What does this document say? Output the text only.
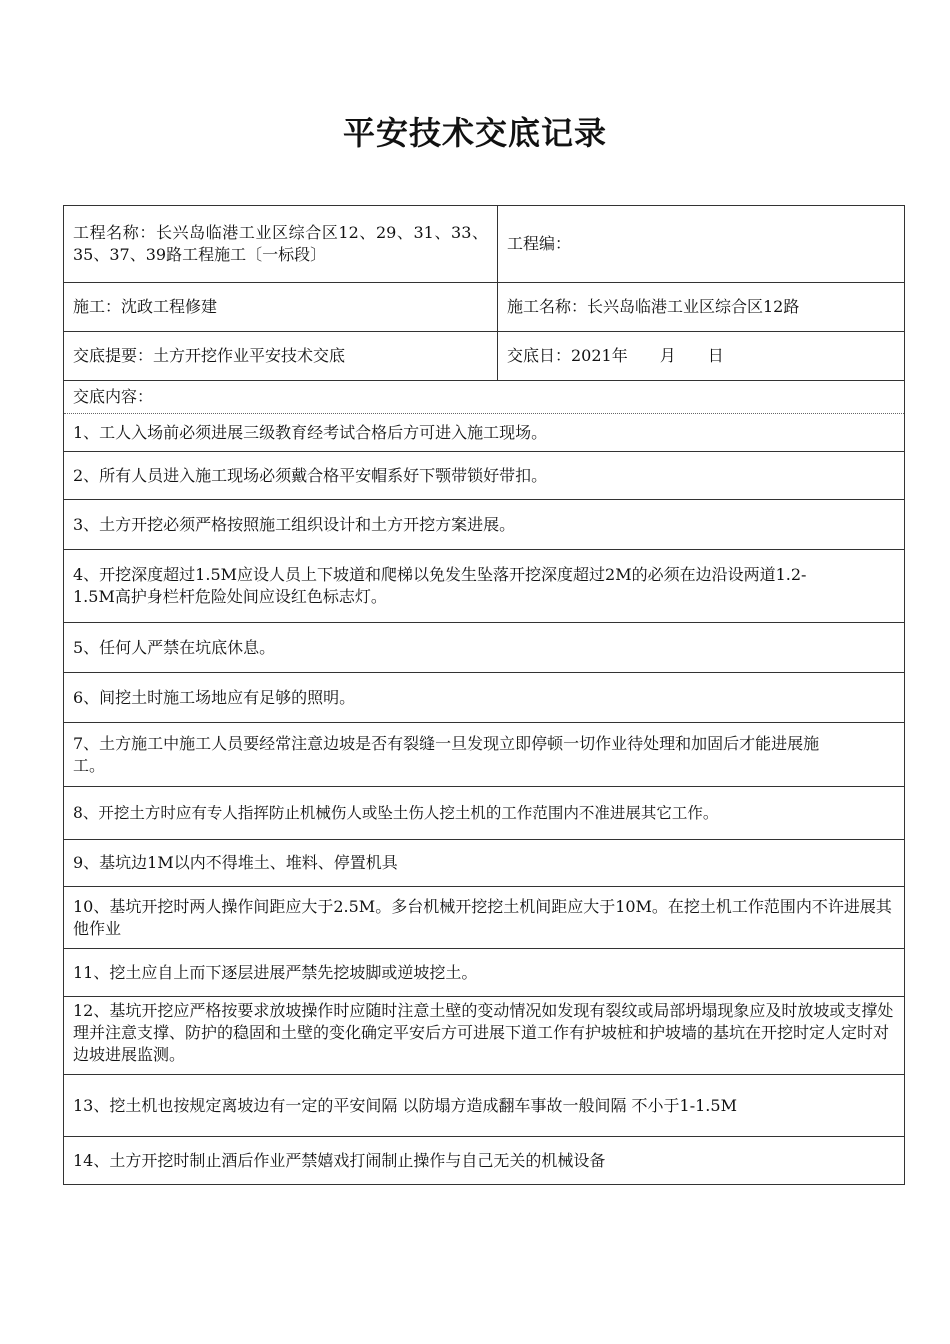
平安技术交底记录
工程名称：长兴岛临港工业区综合区12、29、31、33、35、37、39路工程施工〔一标段〕
工程编：
施工：沈政工程修建	施工名称：长兴岛临港工业区综合区12路
交底提要：土方开挖作业平安技术交底	交底日：2021年　　月　　日
交底内容：
1、工人入场前必须进展三级教育经考试合格后方可进入施工现场。
2、所有人员进入施工现场必须戴合格平安帽系好下颚带锁好带扣。
3、土方开挖必须严格按照施工组织设计和土方开挖方案进展。
4、开挖深度超过1.5M应设人员上下坡道和爬梯以免发生坠落开挖深度超过2M的必须在边沿设两道1.2-1.5M高护身栏杆危险处间应设红色标志灯。
5、任何人严禁在坑底休息。
6、间挖土时施工场地应有足够的照明。
7、土方施工中施工人员要经常注意边坡是否有裂缝一旦发现立即停顿一切作业待处理和加固后才能进展施工。
8、开挖土方时应有专人指挥防止机械伤人或坠土伤人挖土机的工作范围内不准进展其它工作。
9、基坑边1M以内不得堆土、堆料、停置机具
10、基坑开挖时两人操作间距应大于2.5M。多台机械开挖挖土机间距应大于10M。在挖土机工作范围内不许进展其他作业
11、挖土应自上而下逐层进展严禁先挖坡脚或逆坡挖土。
12、基坑开挖应严格按要求放坡操作时应随时注意土壁的变动情况如发现有裂纹或局部坍塌现象应及时放坡或支撑处理并注意支撑、防护的稳固和土壁的变化确定平安后方可进展下道工作有护坡桩和护坡墙的基坑在开挖时定人定时对边坡进展监测。
13、挖土机也按规定离坡边有一定的平安间隔 以防塌方造成翻车事故一般间隔 不小于1-1.5M
14、土方开挖时制止酒后作业严禁嬉戏打闹制止操作与自己无关的机械设备
